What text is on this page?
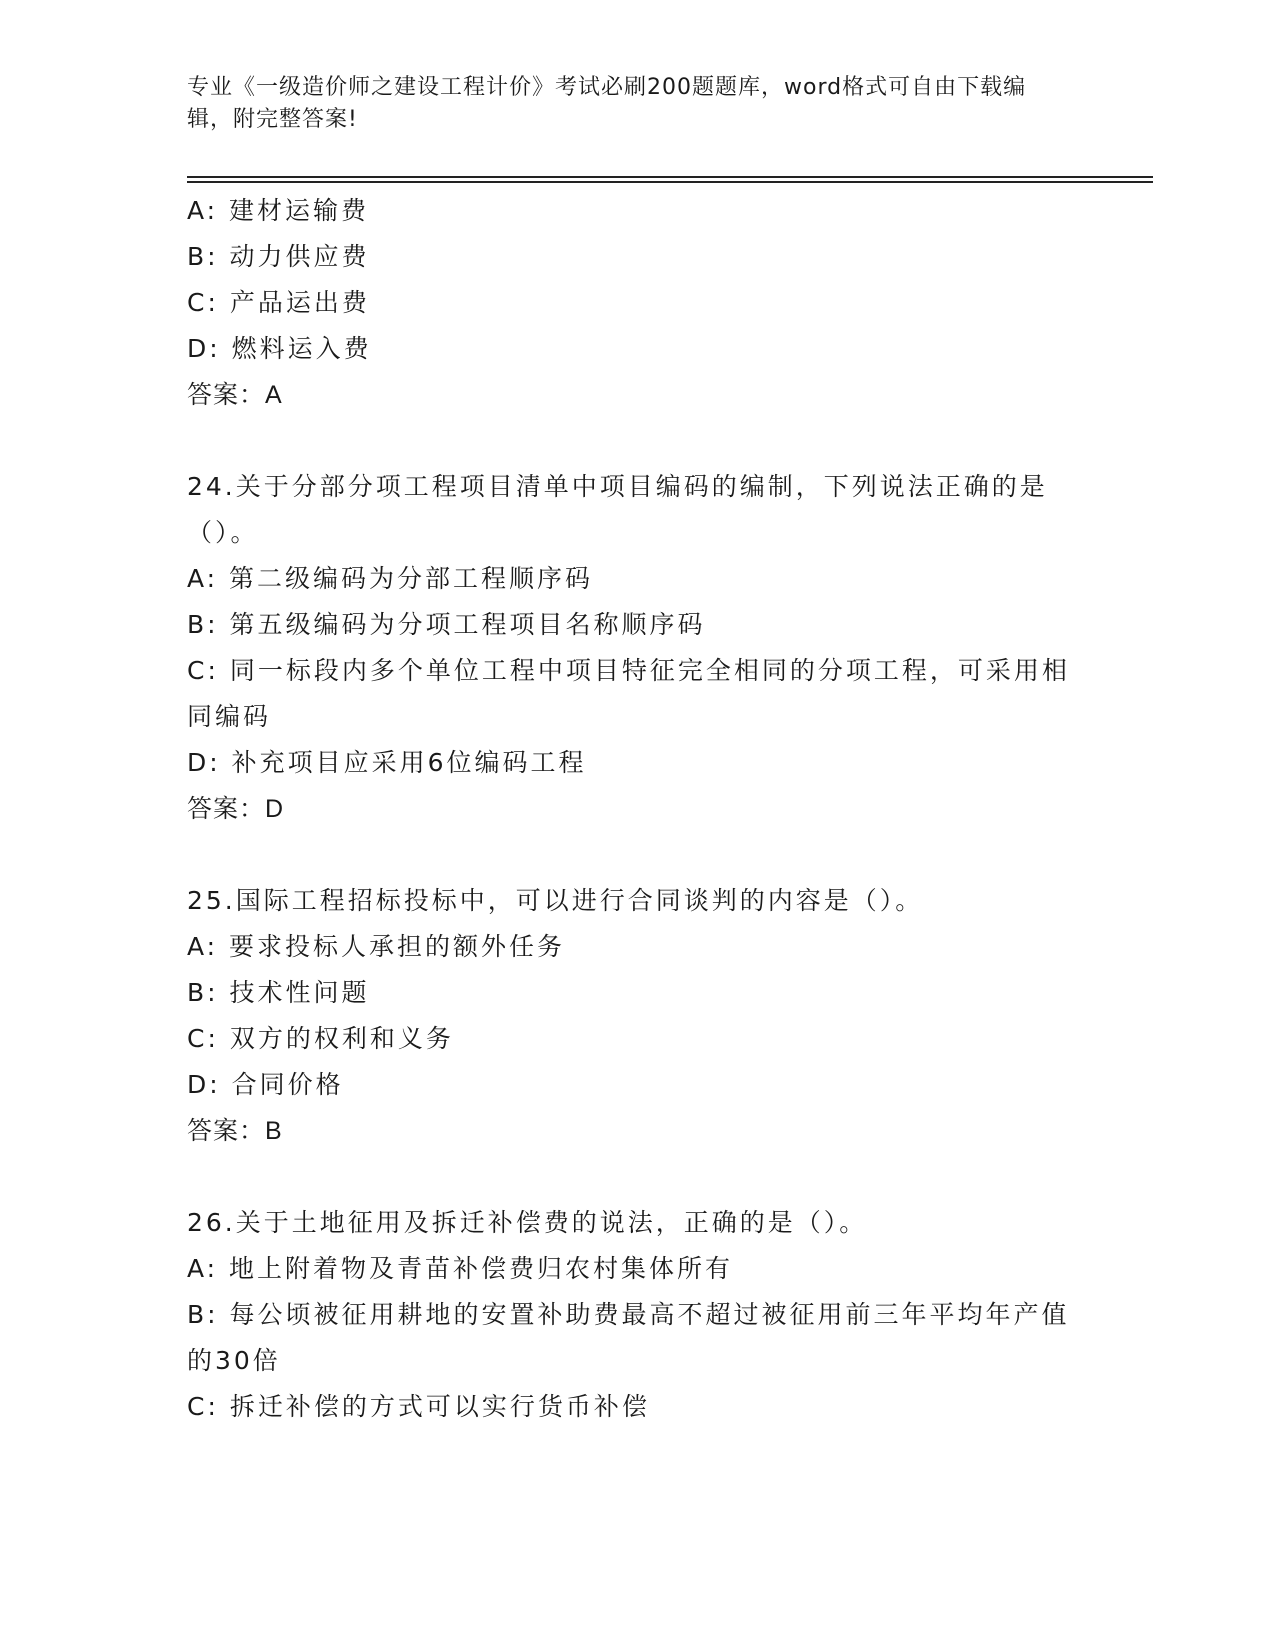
专业《一级造价师之建设工程计价》考试必刷200题题库，word格式可自由下载编辑，附完整答案!
A: 建材运输费
B: 动力供应费
C: 产品运出费
D: 燃料运入费
答案：A
24.关于分部分项工程项目清单中项目编码的编制，下列说法正确的是（）。
A: 第二级编码为分部工程顺序码
B: 第五级编码为分项工程项目名称顺序码
C: 同一标段内多个单位工程中项目特征完全相同的分项工程，可采用相同编码
D: 补充项目应采用6位编码工程
答案：D
25.国际工程招标投标中，可以进行合同谈判的内容是（）。
A: 要求投标人承担的额外任务
B: 技术性问题
C: 双方的权利和义务
D: 合同价格
答案：B
26.关于土地征用及拆迁补偿费的说法，正确的是（）。
A: 地上附着物及青苗补偿费归农村集体所有
B: 每公顷被征用耕地的安置补助费最高不超过被征用前三年平均年产值的30倍
C: 拆迁补偿的方式可以实行货币补偿
